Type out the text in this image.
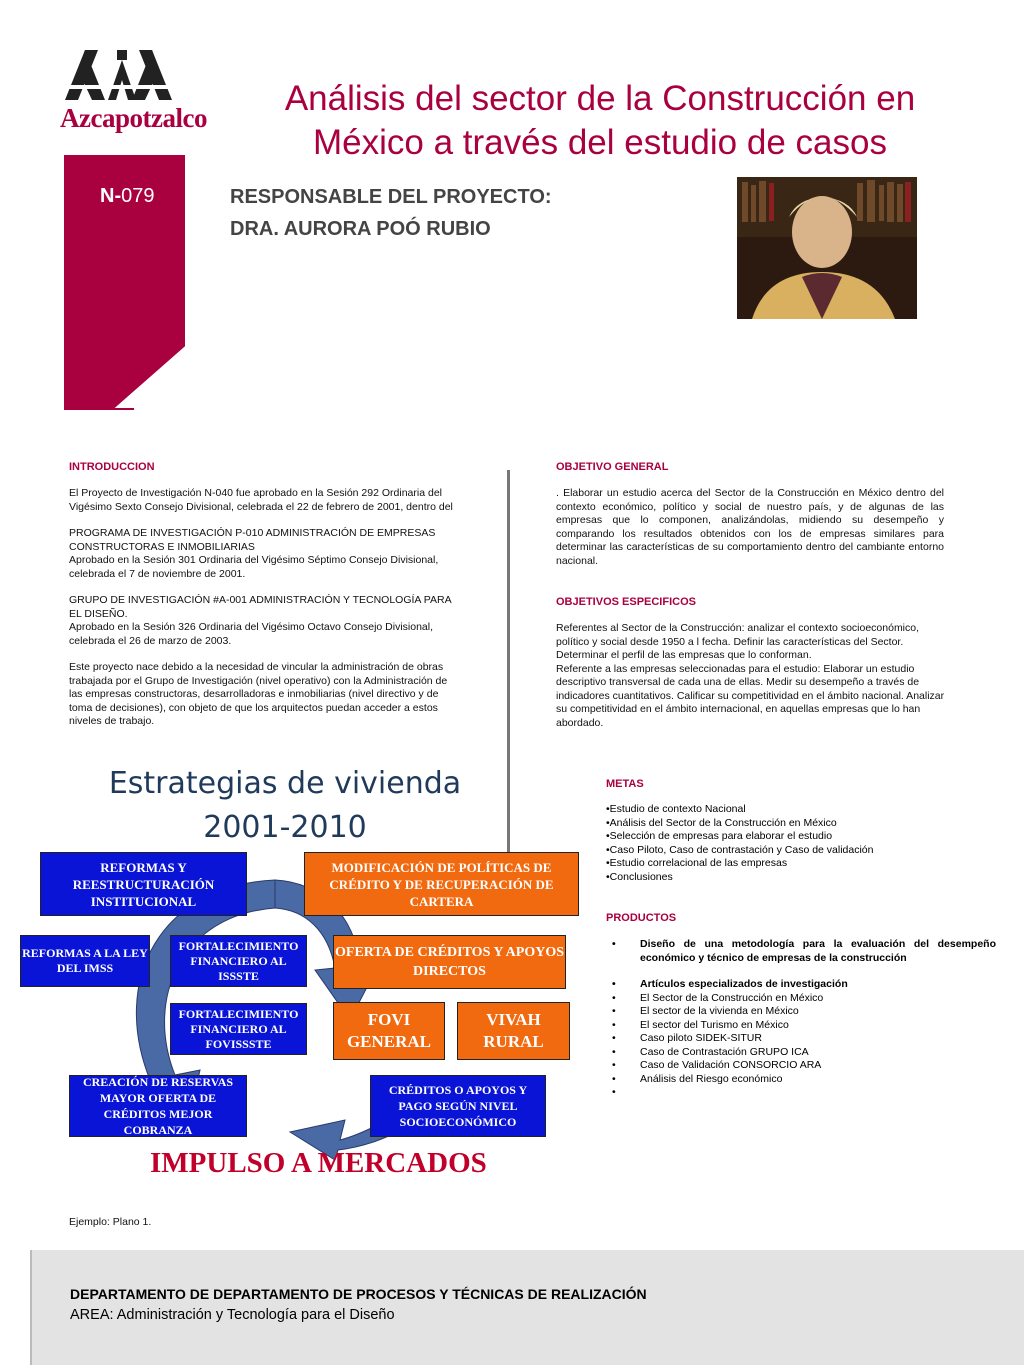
Azcapotzalco	Análisis del sector de la Construcción en México a través del estudio de casos
N-079	RESPONSABLE DEL PROYECTO:
DRA. AURORA POÓ RUBIO
INTRODUCCION
El Proyecto de Investigación N-040 fue aprobado en la Sesión 292 Ordinaria del Vigésimo Sexto Consejo Divisional, celebrada el 22 de febrero de 2001, dentro del
PROGRAMA DE INVESTIGACIÓN P-010 ADMINISTRACIÓN DE EMPRESAS CONSTRUCTORAS E INMOBILIARIAS
Aprobado en la Sesión 301 Ordinaria del Vigésimo Séptimo Consejo Divisional, celebrada el 7 de noviembre de 2001.
GRUPO DE INVESTIGACIÓN #A-001 ADMINISTRACIÓN Y TECNOLOGÍA PARA EL DISEÑO.
Aprobado en la Sesión 326 Ordinaria del Vigésimo Octavo Consejo Divisional, celebrada el 26 de marzo de 2003.
Este proyecto nace debido a la necesidad de vincular la administración de obras trabajada por el Grupo de Investigación (nivel operativo) con la Administración de las empresas constructoras, desarrolladoras e inmobiliarias (nivel directivo y de toma de decisiones), con objeto de que los arquitectos puedan acceder a estos niveles de trabajo.
OBJETIVO GENERAL
. Elaborar un estudio acerca del Sector de la Construcción en México dentro del contexto económico, político y social de nuestro país, y de algunas de las empresas que lo componen, analizándolas, midiendo su desempeño y comparando los resultados obtenidos con los de empresas similares para determinar las características de su comportamiento dentro del cambiante entorno nacional.
OBJETIVOS ESPECIFICOS
Referentes al Sector de la Construcción: analizar el contexto socioeconómico, político y social desde 1950 a l fecha. Definir las características del Sector. Determinar el perfil de las empresas que lo conforman.
Referente a las empresas seleccionadas para el estudio: Elaborar un estudio descriptivo transversal de cada una de ellas. Medir su desempeño a través de indicadores cuantitativos. Calificar su competitividad en el ámbito nacional. Analizar su competitividad en el ámbito internacional, en aquellas empresas que lo han abordado.
Estrategias de vivienda
2001-2010
REFORMAS Y REESTRUCTURACIÓN INSTITUCIONAL
MODIFICACIÓN DE POLÍTICAS DE CRÉDITO Y DE RECUPERACIÓN DE CARTERA
REFORMAS A LA LEY DEL IMSS
FORTALECIMIENTO FINANCIERO AL ISSSTE
OFERTA DE CRÉDITOS Y APOYOS DIRECTOS
FORTALECIMIENTO FINANCIERO AL FOVISSSTE
FOVI GENERAL
VIVAH RURAL
CREACIÓN DE RESERVAS MAYOR OFERTA DE CRÉDITOS MEJOR COBRANZA
CRÉDITOS O APOYOS Y PAGO SEGÚN NIVEL SOCIOECONÓMICO
IMPULSO A MERCADOS
Ejemplo: Plano 1.
METAS
•Estudio de contexto Nacional
•Análisis del Sector de la Construcción en México
•Selección de empresas para elaborar el estudio
•Caso Piloto, Caso de contrastación y Caso de validación
•Estudio correlacional de las empresas
•Conclusiones
PRODUCTOS
• Diseño de una metodología para la evaluación del desempeño económico y técnico de empresas de la construcción
• Artículos especializados de investigación
• El Sector de la Construcción en México
• El sector de la vivienda en México
• El sector del Turismo en México
• Caso piloto SIDEK-SITUR
• Caso de Contrastación GRUPO ICA
• Caso de Validación CONSORCIO ARA
• Análisis del Riesgo económico
•
DEPARTAMENTO DE DEPARTAMENTO DE PROCESOS Y TÉCNICAS DE REALIZACIÓN
AREA: Administración y Tecnología para el Diseño
